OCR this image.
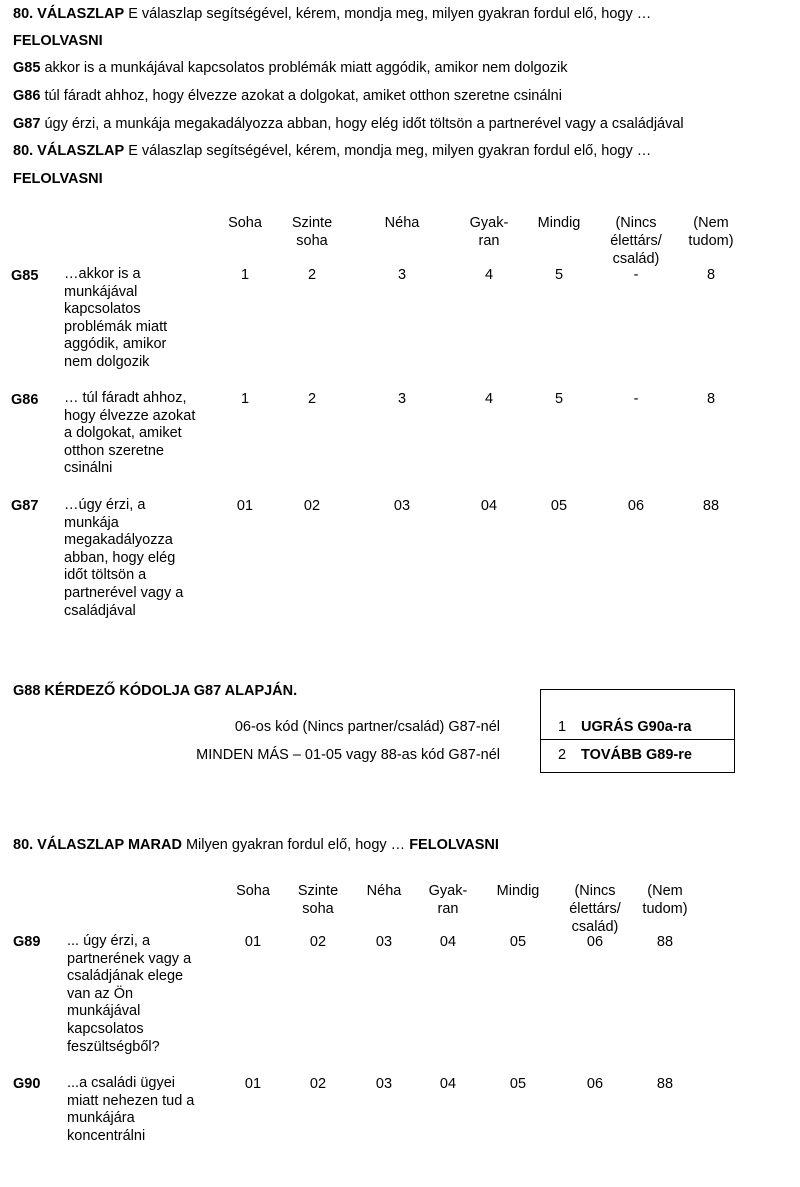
80. VÁLASZLAP E válaszlap segítségével, kérem, mondja meg, milyen gyakran fordul elő, hogy …
FELOLVASNI
G85 akkor is a munkájával kapcsolatos problémák miatt aggódik, amikor nem dolgozik
G86 túl fáradt ahhoz, hogy élvezze azokat a dolgokat, amiket otthon szeretne csinálni
G87 úgy érzi, a munkája megakadályozza abban, hogy elég időt töltsön a partnerével vagy a családjával
80. VÁLASZLAP E válaszlap segítségével, kérem, mondja meg, milyen gyakran fordul elő, hogy …
FELOLVASNI
Soha	Szinte
soha
Néha	Gyak-
ran
Mindig	(Nincs
élettárs/
család)
(Nem
tudom)
G85 …akkor is a
munkájával
kapcsolatos
problémák miatt
aggódik, amikor
nem dolgozik
1	2	3	4	5	-	8
G86 … túl fáradt ahhoz,
hogy élvezze azokat
a dolgokat, amiket
otthon szeretne
csinálni
1	2	3	4	5	-	8
G87 …úgy érzi, a
munkája
megakadályozza
abban, hogy elég
időt töltsön a
partnerével vagy a
családjával
01	02	03	04	05	06	88
G88 KÉRDEZŐ KÓDOLJA G87 ALAPJÁN.
06-os kód (Nincs partner/család) G87-nél	1 UGRÁS G90a-ra
MINDEN MÁS – 01-05 vagy 88-as kód G87-nél	2 TOVÁBB G89-re
80. VÁLASZLAP MARAD Milyen gyakran fordul elő, hogy … FELOLVASNI
Soha	Szinte
soha
Néha	Gyak-
ran
Mindig	(Nincs
élettárs/
család)
(Nem
tudom)
G89 ... úgy érzi, a
partnerének vagy a
családjának elege
van az Ön
munkájával
kapcsolatos
feszültségből?
01	02	03	04	05	06	88
G90 ...a családi ügyei
miatt nehezen tud a
munkájára
koncentrálni
01	02	03	04	05	06	88
